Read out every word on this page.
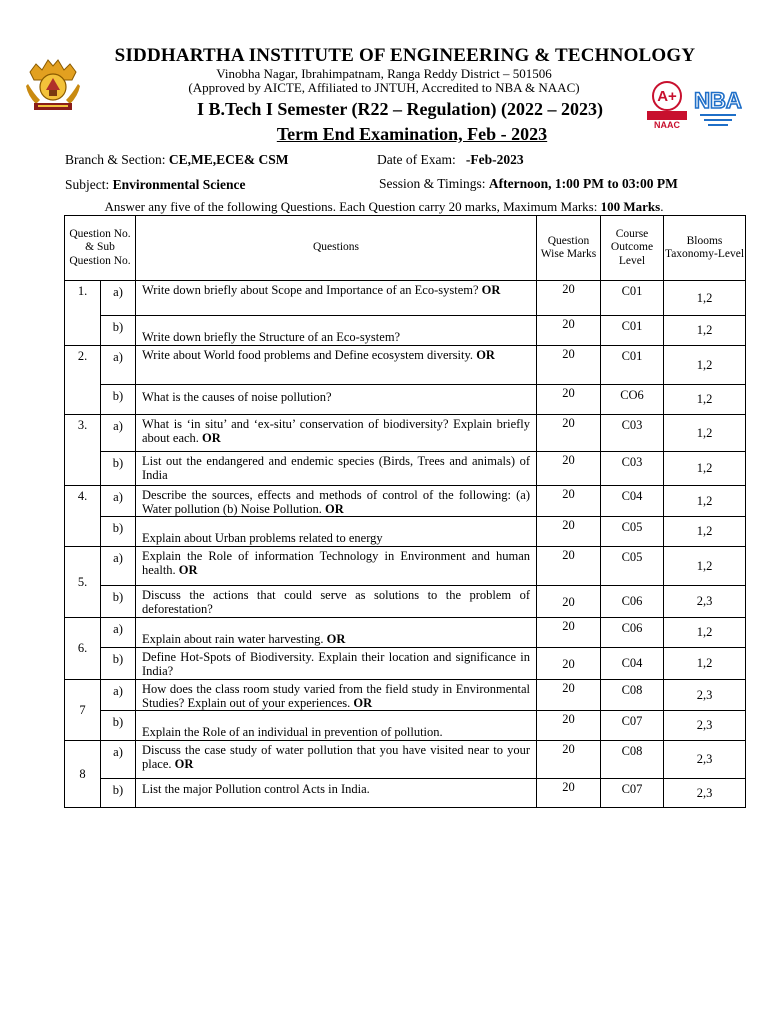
A+
NAAC
NBA
SIDDHARTHA INSTITUTE OF ENGINEERING & TECHNOLOGY
Vinobha Nagar, Ibrahimpatnam, Ranga Reddy District – 501506
(Approved by AICTE, Affiliated to JNTUH, Accredited to NBA & NAAC)
I B.Tech I Semester (R22 – Regulation) (2022 – 2023)
Term End Examination, Feb - 2023
Branch & Section: CE,ME,ECE& CSM	Date of Exam: -Feb-2023
Subject: Environmental Science	Session & Timings: Afternoon, 1:00 PM to 03:00 PM
Answer any five of the following Questions. Each Question carry 20 marks, Maximum Marks: 100 Marks.
Question No. & Sub Question No.		Questions	Question Wise Marks	Course Outcome Level	Blooms Taxonomy-Level
1.	a)	Write down briefly about Scope and Importance of an Eco-system? OR	20	C01	1,2
	b)	Write down briefly the Structure of an Eco-system?	20	C01	1,2
2.	a)	Write about World food problems and Define ecosystem diversity. OR	20	C01	1,2
	b)	What is the causes of noise pollution?	20	CO6	1,2
3.	a)	What is ‘in situ’ and ‘ex-situ’ conservation of biodiversity? Explain briefly about each. OR	20	C03	1,2
	b)	List out the endangered and endemic species (Birds, Trees and animals) of India	20	C03	1,2
4.	a)	Describe the sources, effects and methods of control of the following: (a) Water pollution (b) Noise Pollution. OR	20	C04	1,2
	b)	Explain about Urban problems related to energy	20	C05	1,2
5.	a)	Explain the Role of information Technology in Environment and human health. OR	20	C05	1,2
	b)	Discuss the actions that could serve as solutions to the problem of deforestation?	20	C06	2,3
6.	a)	Explain about rain water harvesting. OR	20	C06	1,2
	b)	Define Hot-Spots of Biodiversity. Explain their location and significance in India?	20	C04	1,2
7	a)	How does the class room study varied from the field study in Environmental Studies? Explain out of your experiences. OR	20	C08	2,3
	b)	Explain the Role of an individual in prevention of pollution.	20	C07	2,3
8	a)	Discuss the case study of water pollution that you have visited near to your place. OR	20	C08	2,3
	b)	List the major Pollution control Acts in India.	20	C07	2,3
